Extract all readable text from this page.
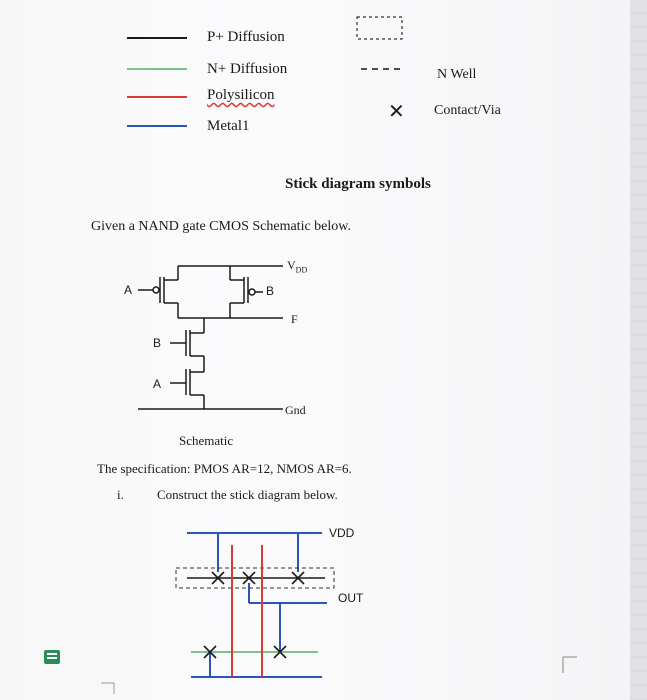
P+ Diffusion
N+ Diffusion
Polysilicon
Metal1
N Well
✕ Contact/Via
Stick diagram symbols
Given a NAND gate CMOS Schematic below.
$V_{DD}$
F
Gnd
A	B
B
A
Schematic
The specification: PMOS AR=12, NMOS AR=6.
i.	Construct the stick diagram below.
VDD
OUT
